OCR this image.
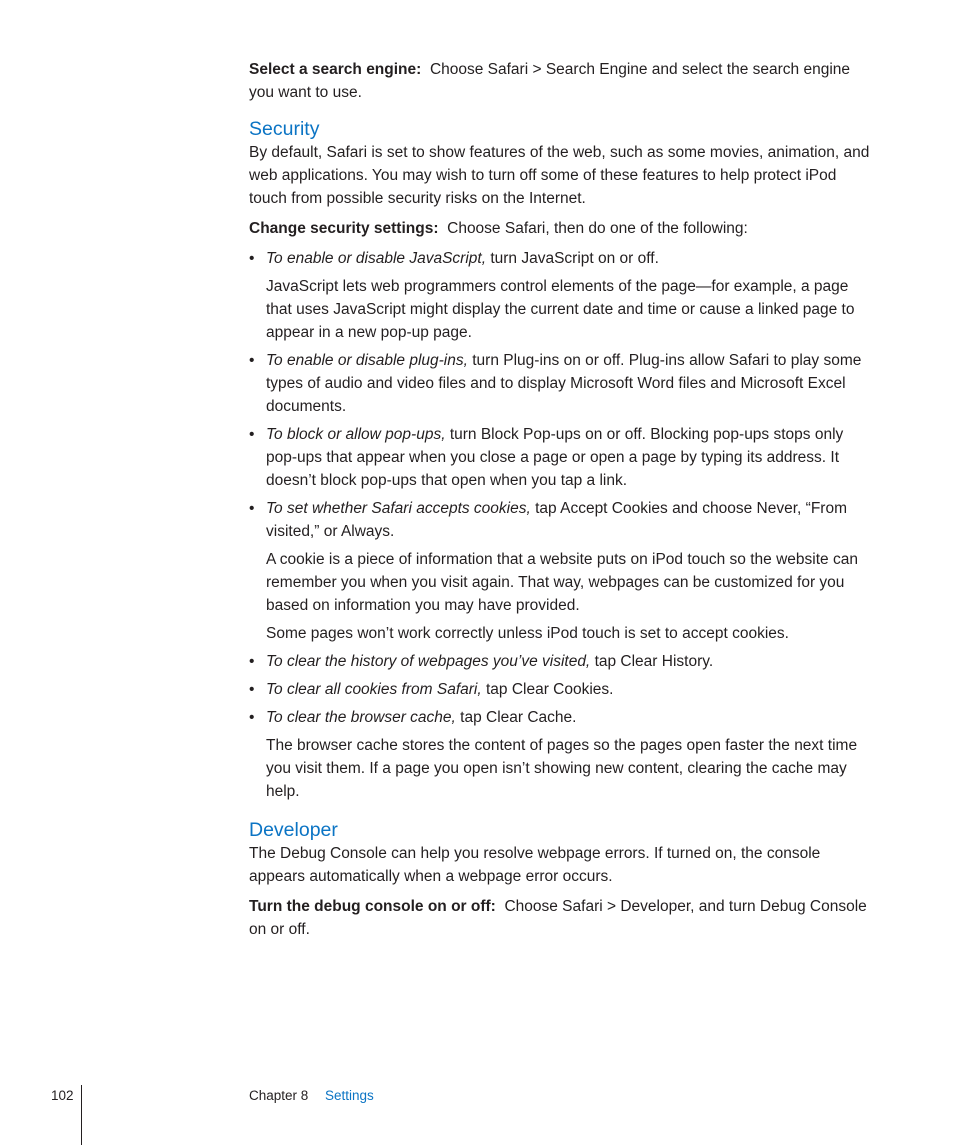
Select a search engine: Choose Safari > Search Engine and select the search engine you want to use.

Security

By default, Safari is set to show features of the web, such as some movies, animation, and web applications. You may wish to turn off some of these features to help protect iPod touch from possible security risks on the Internet.

Change security settings: Choose Safari, then do one of the following:

• To enable or disable JavaScript, turn JavaScript on or off.

JavaScript lets web programmers control elements of the page—for example, a page that uses JavaScript might display the current date and time or cause a linked page to appear in a new pop-up page.

• To enable or disable plug-ins, turn Plug-ins on or off. Plug-ins allow Safari to play some types of audio and video files and to display Microsoft Word files and Microsoft Excel documents.
• To block or allow pop-ups, turn Block Pop-ups on or off. Blocking pop-ups stops only pop-ups that appear when you close a page or open a page by typing its address. It doesn’t block pop-ups that open when you tap a link.
• To set whether Safari accepts cookies, tap Accept Cookies and choose Never, “From visited,” or Always.

A cookie is a piece of information that a website puts on iPod touch so the website can remember you when you visit again. That way, webpages can be customized for you based on information you may have provided.

Some pages won’t work correctly unless iPod touch is set to accept cookies.

• To clear the history of webpages you’ve visited, tap Clear History.
• To clear all cookies from Safari, tap Clear Cookies.
• To clear the browser cache, tap Clear Cache.

The browser cache stores the content of pages so the pages open faster the next time you visit them. If a page you open isn’t showing new content, clearing the cache may help.

Developer

The Debug Console can help you resolve webpage errors. If turned on, the console appears automatically when a webpage error occurs.

Turn the debug console on or off: Choose Safari > Developer, and turn Debug Console on or off.

102	Chapter 8 Settings
